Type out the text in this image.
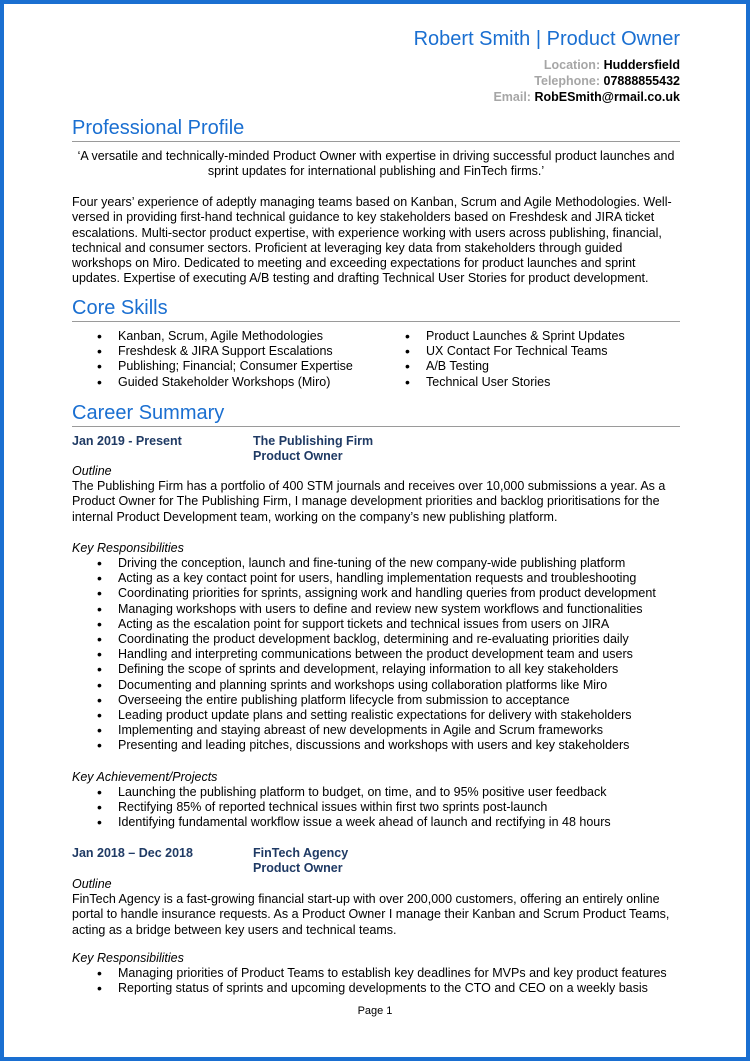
Robert Smith | Product Owner
Location: Huddersfield
Telephone: 07888855432
Email: RobESmith@rmail.co.uk
Professional Profile
‘A versatile and technically-minded Product Owner with expertise in driving successful product launches and sprint updates for international publishing and FinTech firms.’
Four years’ experience of adeptly managing teams based on Kanban, Scrum and Agile Methodologies. Well-versed in providing first-hand technical guidance to key stakeholders based on Freshdesk and JIRA ticket escalations. Multi-sector product expertise, with experience working with users across publishing, financial, technical and consumer sectors. Proficient at leveraging key data from stakeholders through guided workshops on Miro. Dedicated to meeting and exceeding expectations for product launches and sprint updates. Expertise of executing A/B testing and drafting Technical User Stories for product development.
Core Skills
• Kanban, Scrum, Agile Methodologies
• Freshdesk & JIRA Support Escalations
• Publishing; Financial; Consumer Expertise
• Guided Stakeholder Workshops (Miro)
• Product Launches & Sprint Updates
• UX Contact For Technical Teams
• A/B Testing
• Technical User Stories
Career Summary
Jan 2019 - Present	The Publishing Firm
Product Owner
Outline
The Publishing Firm has a portfolio of 400 STM journals and receives over 10,000 submissions a year. As a Product Owner for The Publishing Firm, I manage development priorities and backlog prioritisations for the internal Product Development team, working on the company’s new publishing platform.
Key Responsibilities
• Driving the conception, launch and fine-tuning of the new company-wide publishing platform
• Acting as a key contact point for users, handling implementation requests and troubleshooting
• Coordinating priorities for sprints, assigning work and handling queries from product development
• Managing workshops with users to define and review new system workflows and functionalities
• Acting as the escalation point for support tickets and technical issues from users on JIRA
• Coordinating the product development backlog, determining and re-evaluating priorities daily
• Handling and interpreting communications between the product development team and users
• Defining the scope of sprints and development, relaying information to all key stakeholders
• Documenting and planning sprints and workshops using collaboration platforms like Miro
• Overseeing the entire publishing platform lifecycle from submission to acceptance
• Leading product update plans and setting realistic expectations for delivery with stakeholders
• Implementing and staying abreast of new developments in Agile and Scrum frameworks
• Presenting and leading pitches, discussions and workshops with users and key stakeholders
Key Achievement/Projects
• Launching the publishing platform to budget, on time, and to 95% positive user feedback
• Rectifying 85% of reported technical issues within first two sprints post-launch
• Identifying fundamental workflow issue a week ahead of launch and rectifying in 48 hours
Jan 2018 – Dec 2018	FinTech Agency
Product Owner
Outline
FinTech Agency is a fast-growing financial start-up with over 200,000 customers, offering an entirely online portal to handle insurance requests. As a Product Owner I manage their Kanban and Scrum Product Teams, acting as a bridge between key users and technical teams.
Key Responsibilities
• Managing priorities of Product Teams to establish key deadlines for MVPs and key product features
• Reporting status of sprints and upcoming developments to the CTO and CEO on a weekly basis
Page 1
